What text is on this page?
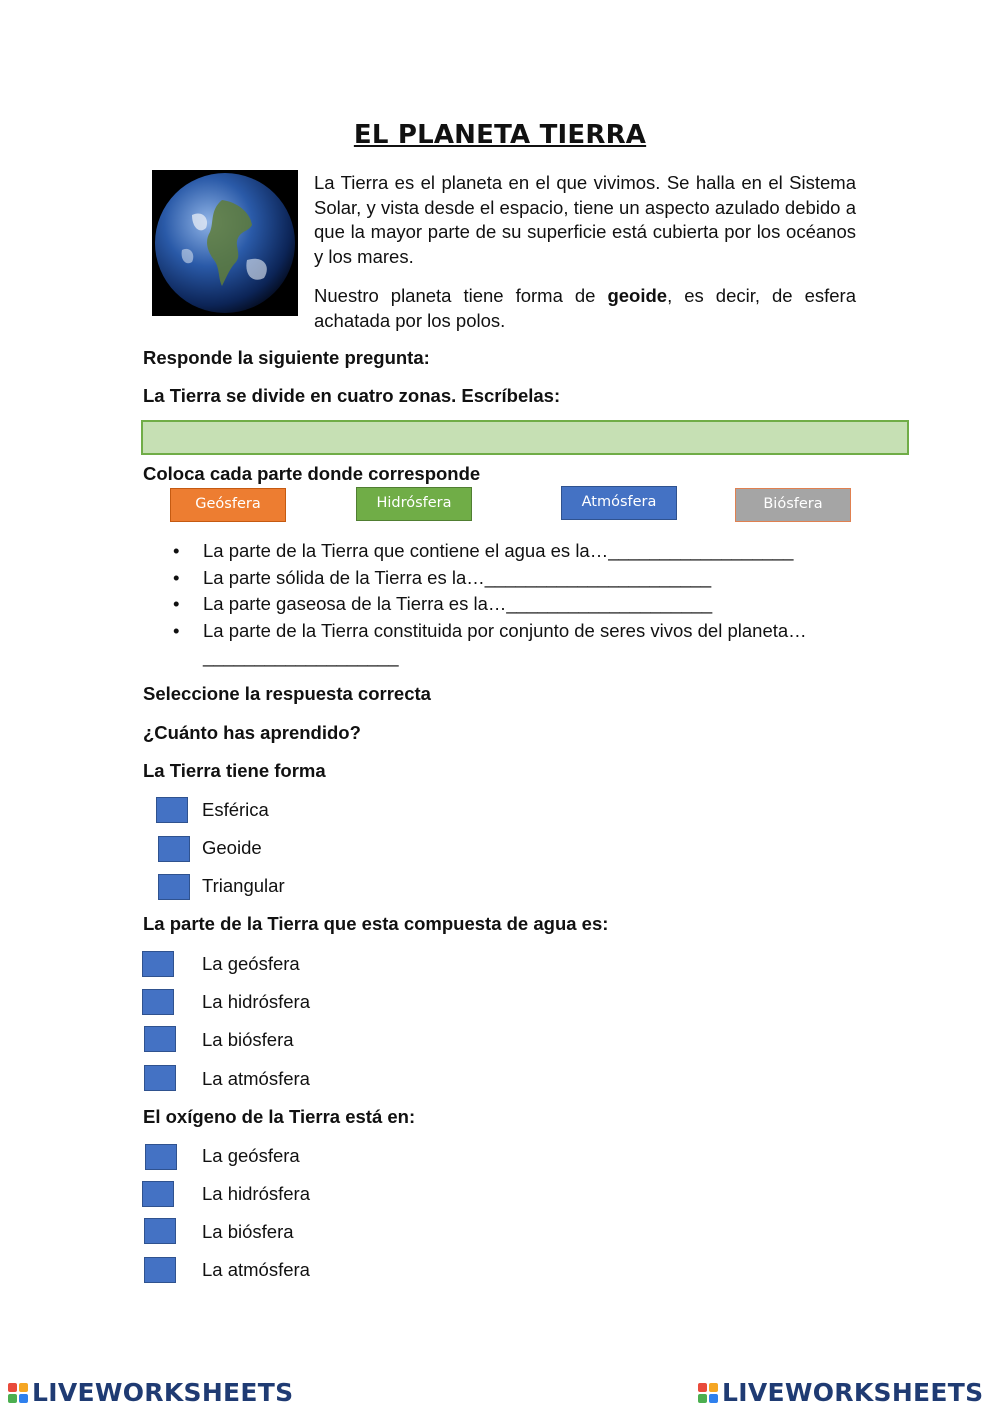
EL PLANETA TIERRA
La Tierra es el planeta en el que vivimos. Se halla en el Sistema Solar, y vista desde el espacio, tiene un aspecto azulado debido a que la mayor parte de su superficie está cubierta por los océanos y los mares.
Nuestro planeta tiene forma de geoide, es decir, de esfera achatada por los polos.
Responde la siguiente pregunta:
La Tierra se divide en cuatro zonas. Escríbelas:
Coloca cada parte donde corresponde
Geósfera	Hidrósfera	Atmósfera	Biósfera
• La parte de la Tierra que contiene el agua es la…__________________
• La parte sólida de la Tierra es la…______________________
• La parte gaseosa de la Tierra es la…____________________
• La parte de la Tierra constituida por conjunto de seres vivos del planeta… ___________________
Seleccione la respuesta correcta
¿Cuánto has aprendido?
La Tierra tiene forma
Esférica
Geoide
Triangular
La parte de la Tierra que esta compuesta de agua es:
La geósfera
La hidrósfera
La biósfera
La atmósfera
El oxígeno de la Tierra está en:
La geósfera
La hidrósfera
La biósfera
La atmósfera
LIVEWORKSHEETS	LIVEWORKSHEETS
